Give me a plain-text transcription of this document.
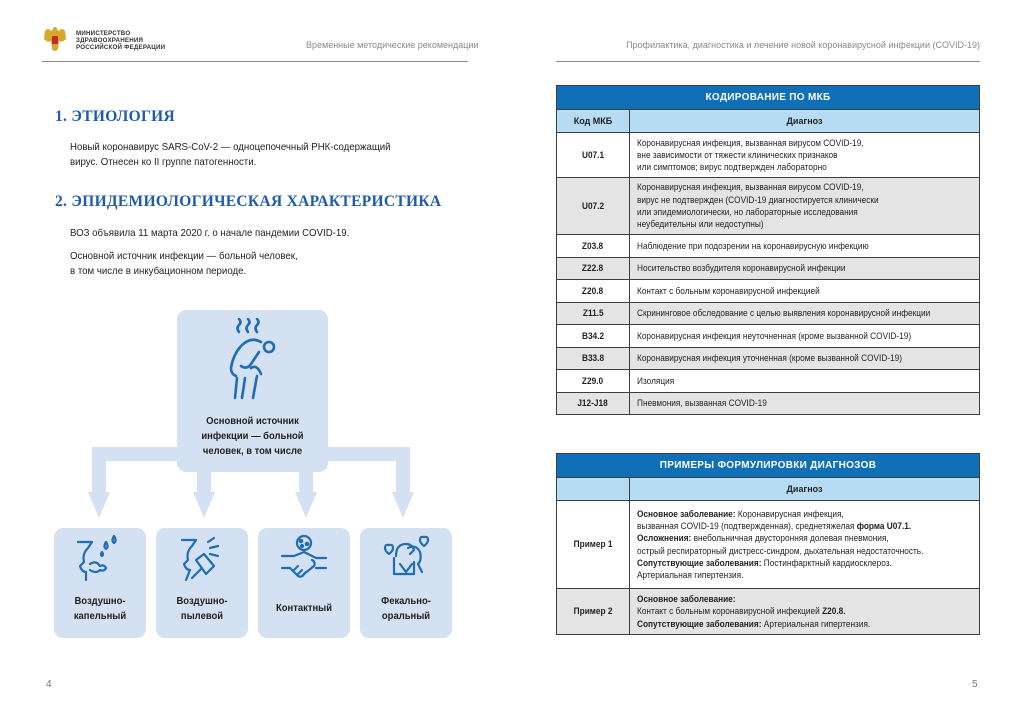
МИНИСТЕРСТВО
ЗДРАВООХРАНЕНИЯ
РОССИЙСКОЙ ФЕДЕРАЦИИ	Временные методические рекомендации	Профилактика, диагностика и лечение новой коронавирусной инфекции (COVID-19)
1. ЭТИОЛОГИЯ
Новый коронавирус SARS-CoV-2 — одноцепочечный РНК-содержащий
вирус. Отнесен ко II группе патогенности.
2. ЭПИДЕМИОЛОГИЧЕСКАЯ ХАРАКТЕРИСТИКА
ВОЗ объявила 11 марта 2020 г. о начале пандемии COVID-19.
Основной источник инфекции — больной человек,
в том числе в инкубационном периоде.
Основной источник
инфекции — больной
человек, в том числе
Воздушно-
капельный
Воздушно-
пылевой
Контактный
Фекально-
оральный
4
КОДИРОВАНИЕ ПО МКБ	
Код МКБ	Диагноз
U07.1	Коронавирусная инфекция, вызванная вирусом COVID-19,
вне зависимости от тяжести клинических признаков
или симптомов; вирус подтвержден лабораторно
U07.2	Коронавирусная инфекция, вызванная вирусом COVID-19,
вирус не подтвержден (COVID-19 диагностируется клинически
или эпидемиологически, но лабораторные исследования
неубедительны или недоступны)
Z03.8	Наблюдение при подозрении на коронавирусную инфекцию
Z22.8	Носительство возбудителя коронавирусной инфекции
Z20.8	Контакт с больным коронавирусной инфекцией
Z11.5	Скрининговое обследование с целью выявления коронавирусной инфекции
B34.2	Коронавирусная инфекция неуточненная (кроме вызванной COVID-19)
B33.8	Коронавирусная инфекция уточненная (кроме вызванной COVID-19)
Z29.0	Изоляция
J12-J18	Пневмония, вызванная COVID-19
ПРИМЕРЫ ФОРМУЛИРОВКИ ДИАГНОЗОВ	
	Диагноз
Пример 1	Основное заболевание: Коронавирусная инфекция,
вызванная COVID-19 (подтвержденная), среднетяжелая форма U07.1.
Осложнения: внебольничная двусторонняя долевая пневмония,
острый респираторный дистресс-синдром, дыхательная недостаточность.
Сопутствующие заболевания: Постинфарктный кардиосклероз.
Артериальная гипертензия.
Пример 2	Основное заболевание:
Контакт с больным коронавирусной инфекцией Z20.8.
Сопутствующие заболевания: Артериальная гипертензия.
5
